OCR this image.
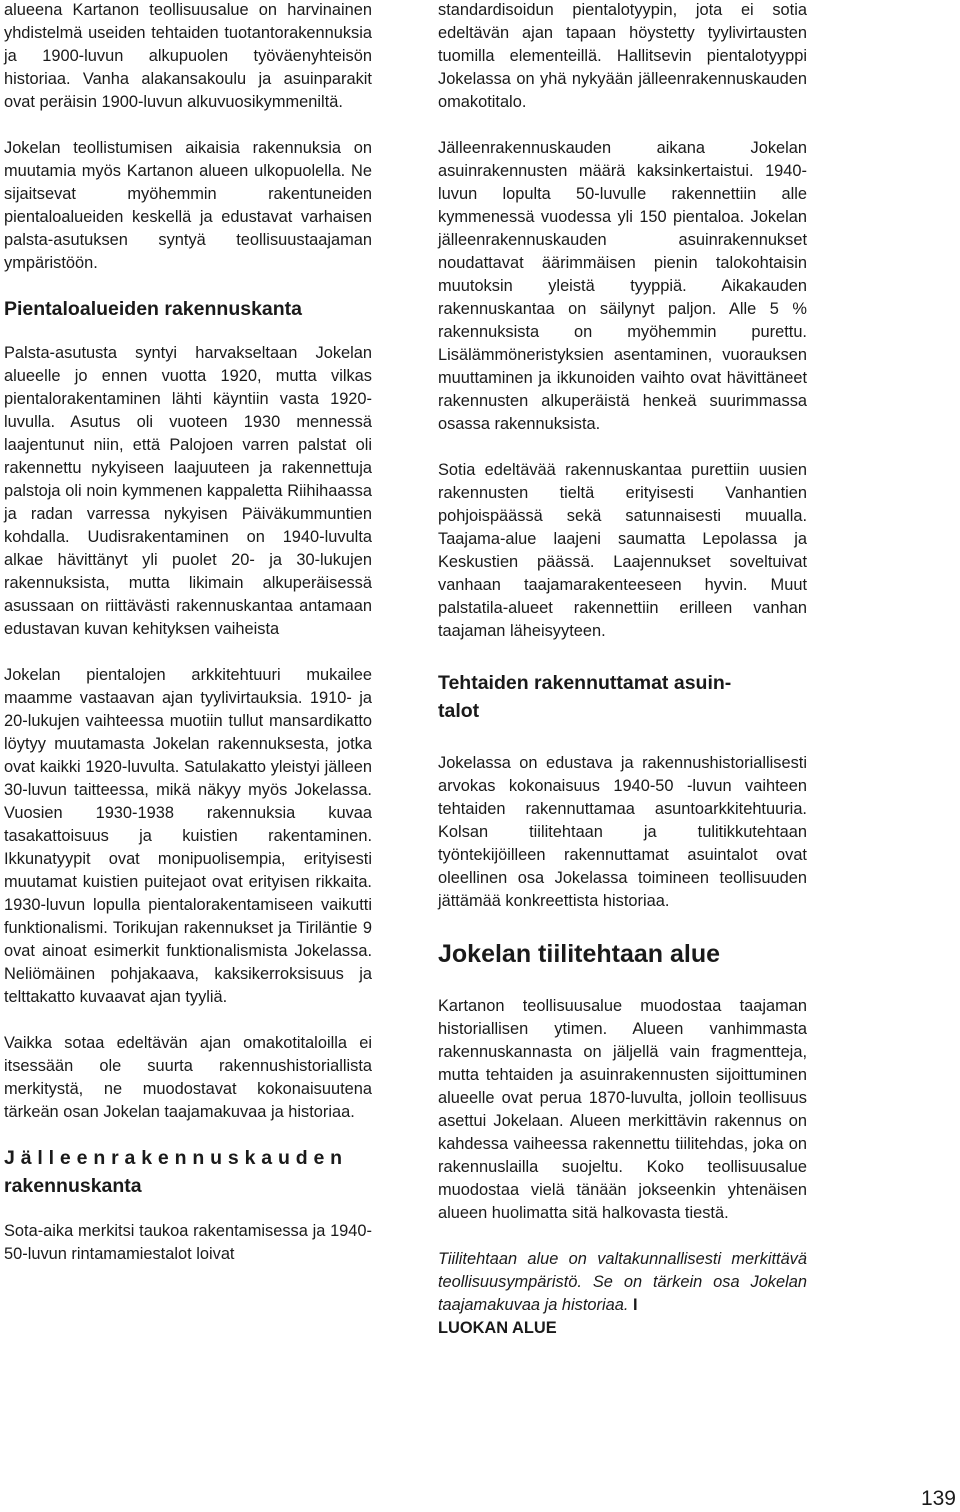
alueena Kartanon teollisuusalue on harvinainen yhdistelmä useiden tehtaiden tuotantorakennuksia ja 1900-luvun alkupuolen työväenyhteisön historiaa. Vanha alakansakoulu ja asuinparakit ovat peräisin 1900-luvun alkuvuosikymmeniltä.

Jokelan teollistumisen aikaisia rakennuksia on muutamia myös Kartanon alueen ulkopuolella. Ne sijaitsevat myöhemmin rakentuneiden pientaloalueiden keskellä ja edustavat varhaisen palsta-asutuksen syntyä teollisuustaajaman ympäristöön.

Pientaloalueiden rakennuskanta

Palsta-asutusta syntyi harvakseltaan Jokelan alueelle jo ennen vuotta 1920, mutta vilkas pientalorakentaminen lähti käyntiin vasta 1920-luvulla. Asutus oli vuoteen 1930 mennessä laajentunut niin, että Palojoen varren palstat oli rakennettu nykyiseen laajuuteen ja rakennettuja palstoja oli noin kymmenen kappaletta Riihihaassa ja radan varressa nykyisen Päiväkummuntien kohdalla. Uudisrakentaminen on 1940-luvulta alkae hävittänyt yli puolet 20- ja 30-lukujen rakennuksista, mutta likimain alkuperäisessä asussaan on riittävästi rakennuskantaa antamaan edustavan kuvan kehityksen vaiheista

Jokelan pientalojen arkkitehtuuri mukailee maamme vastaavan ajan tyylivirtauksia. 1910- ja 20-lukujen vaihteessa muotiin tullut mansardikatto löytyy muutamasta Jokelan rakennuksesta, jotka ovat kaikki 1920-luvulta. Satulakatto yleistyi jälleen 30-luvun taitteessa, mikä näkyy myös Jokelassa. Vuosien 1930-1938 rakennuksia kuvaa tasakattoisuus ja kuistien rakentaminen. Ikkunatyypit ovat monipuolisempia, erityisesti muutamat kuistien puitejaot ovat erityisen rikkaita. 1930-luvun lopulla pientalorakentamiseen vaikutti funktionalismi. Torikujan rakennukset ja Tiriläntie 9 ovat ainoat esimerkit funktionalismista Jokelassa. Neliömäinen pohjakaava, kaksikerroksisuus ja telttakatto kuvaavat ajan tyyliä.

Vaikka sotaa edeltävän ajan omakotitaloilla ei itsessään ole suurta rakennushistoriallista merkitystä, ne muodostavat kokonaisuutena tärkeän osan Jokelan taajamakuvaa ja historiaa.

Jälleenrakennuskauden
rakennuskanta

Sota-aika merkitsi taukoa rakentamisessa ja 1940-50-luvun rintamamiestalot loivat

standardisoidun pientalotyypin, jota ei sotia edeltävän ajan tapaan höystetty tyylivirtausten tuomilla elementeillä. Hallitsevin pientalotyyppi Jokelassa on yhä nykyään jälleenrakennuskauden omakotitalo.

Jälleenrakennuskauden aikana Jokelan asuinrakennusten määrä kaksinkertaistui. 1940-luvun lopulta 50-luvulle rakennettiin alle kymmenessä vuodessa yli 150 pientaloa. Jokelan jälleenrakennuskauden asuinrakennukset noudattavat äärimmäisen pienin talokohtaisin muutoksin yleistä tyyppiä. Aikakauden rakennuskantaa on säilynyt paljon. Alle 5 % rakennuksista on myöhemmin purettu. Lisälämmöneristyksien asentaminen, vuorauksen muuttaminen ja ikkunoiden vaihto ovat hävittäneet rakennusten alkuperäistä henkeä suurimmassa osassa rakennuksista.

Sotia edeltävää rakennuskantaa purettiin uusien rakennusten tieltä erityisesti Vanhantien pohjoispäässä sekä satunnaisesti muualla. Taajama-alue laajeni saumatta Lepolassa ja Keskustien päässä. Laajennukset soveltuivat vanhaan taajamarakenteeseen hyvin. Muut palstatila-alueet rakennettiin erilleen vanhan taajaman läheisyyteen.

Tehtaiden rakennuttamat asuin-
talot

Jokelassa on edustava ja rakennushistoriallisesti arvokas kokonaisuus 1940-50 -luvun vaihteen tehtaiden rakennuttamaa asuntoarkkitehtuuria. Kolsan tiilitehtaan ja tulitikkutehtaan työntekijöilleen rakennuttamat asuintalot ovat oleellinen osa Jokelassa toimineen teollisuuden jättämää konkreettista historiaa.

Jokelan tiilitehtaan alue

Kartanon teollisuusalue muodostaa taajaman historiallisen ytimen. Alueen vanhimmasta rakennuskannasta on jäljellä vain fragmentteja, mutta tehtaiden ja asuinrakennusten sijoittuminen alueelle ovat perua 1870-luvulta, jolloin teollisuus asettui Jokelaan. Alueen merkittävin rakennus on kahdessa vaiheessa rakennettu tiilitehdas, joka on rakennuslailla suojeltu. Koko teollisuusalue muodostaa vielä tänään jokseenkin yhtenäisen alueen huolimatta sitä halkovasta tiestä.

Tiilitehtaan alue on valtakunnallisesti merkittävä teollisuusympäristö. Se on tärkein osa Jokelan taajamakuvaa ja historiaa. I
LUOKAN ALUE

139
